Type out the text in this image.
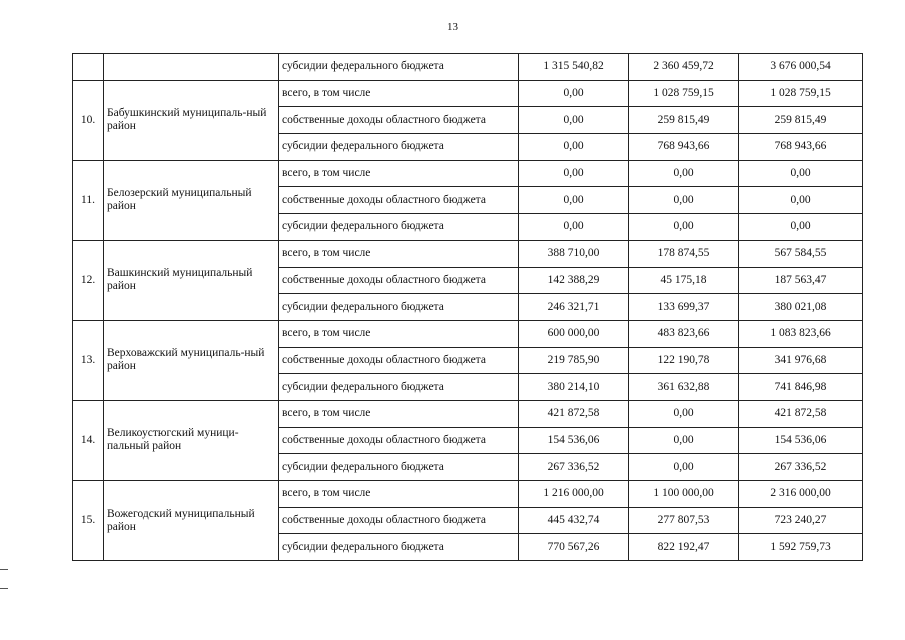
13
		субсидии федерального бюджета	1 315 540,82	2 360 459,72	3 676 000,54
10.	Бабушкинский муниципаль-ный район	всего, в том числе	0,00	1 028 759,15	1 028 759,15
		собственные доходы областного бюджета	0,00	259 815,49	259 815,49
		субсидии федерального бюджета	0,00	768 943,66	768 943,66
11.	Белозерский муниципальный район	всего, в том числе	0,00	0,00	0,00
		собственные доходы областного бюджета	0,00	0,00	0,00
		субсидии федерального бюджета	0,00	0,00	0,00
12.	Вашкинский муниципальный район	всего, в том числе	388 710,00	178 874,55	567 584,55
		собственные доходы областного бюджета	142 388,29	45 175,18	187 563,47
		субсидии федерального бюджета	246 321,71	133 699,37	380 021,08
13.	Верховажский муниципаль-ный район	всего, в том числе	600 000,00	483 823,66	1 083 823,66
		собственные доходы областного бюджета	219 785,90	122 190,78	341 976,68
		субсидии федерального бюджета	380 214,10	361 632,88	741 846,98
14.	Великоустюгский муници-пальный район	всего, в том числе	421 872,58	0,00	421 872,58
		собственные доходы областного бюджета	154 536,06	0,00	154 536,06
		субсидии федерального бюджета	267 336,52	0,00	267 336,52
15.	Вожегодский муниципальный район	всего, в том числе	1 216 000,00	1 100 000,00	2 316 000,00
		собственные доходы областного бюджета	445 432,74	277 807,53	723 240,27
		субсидии федерального бюджета	770 567,26	822 192,47	1 592 759,73
